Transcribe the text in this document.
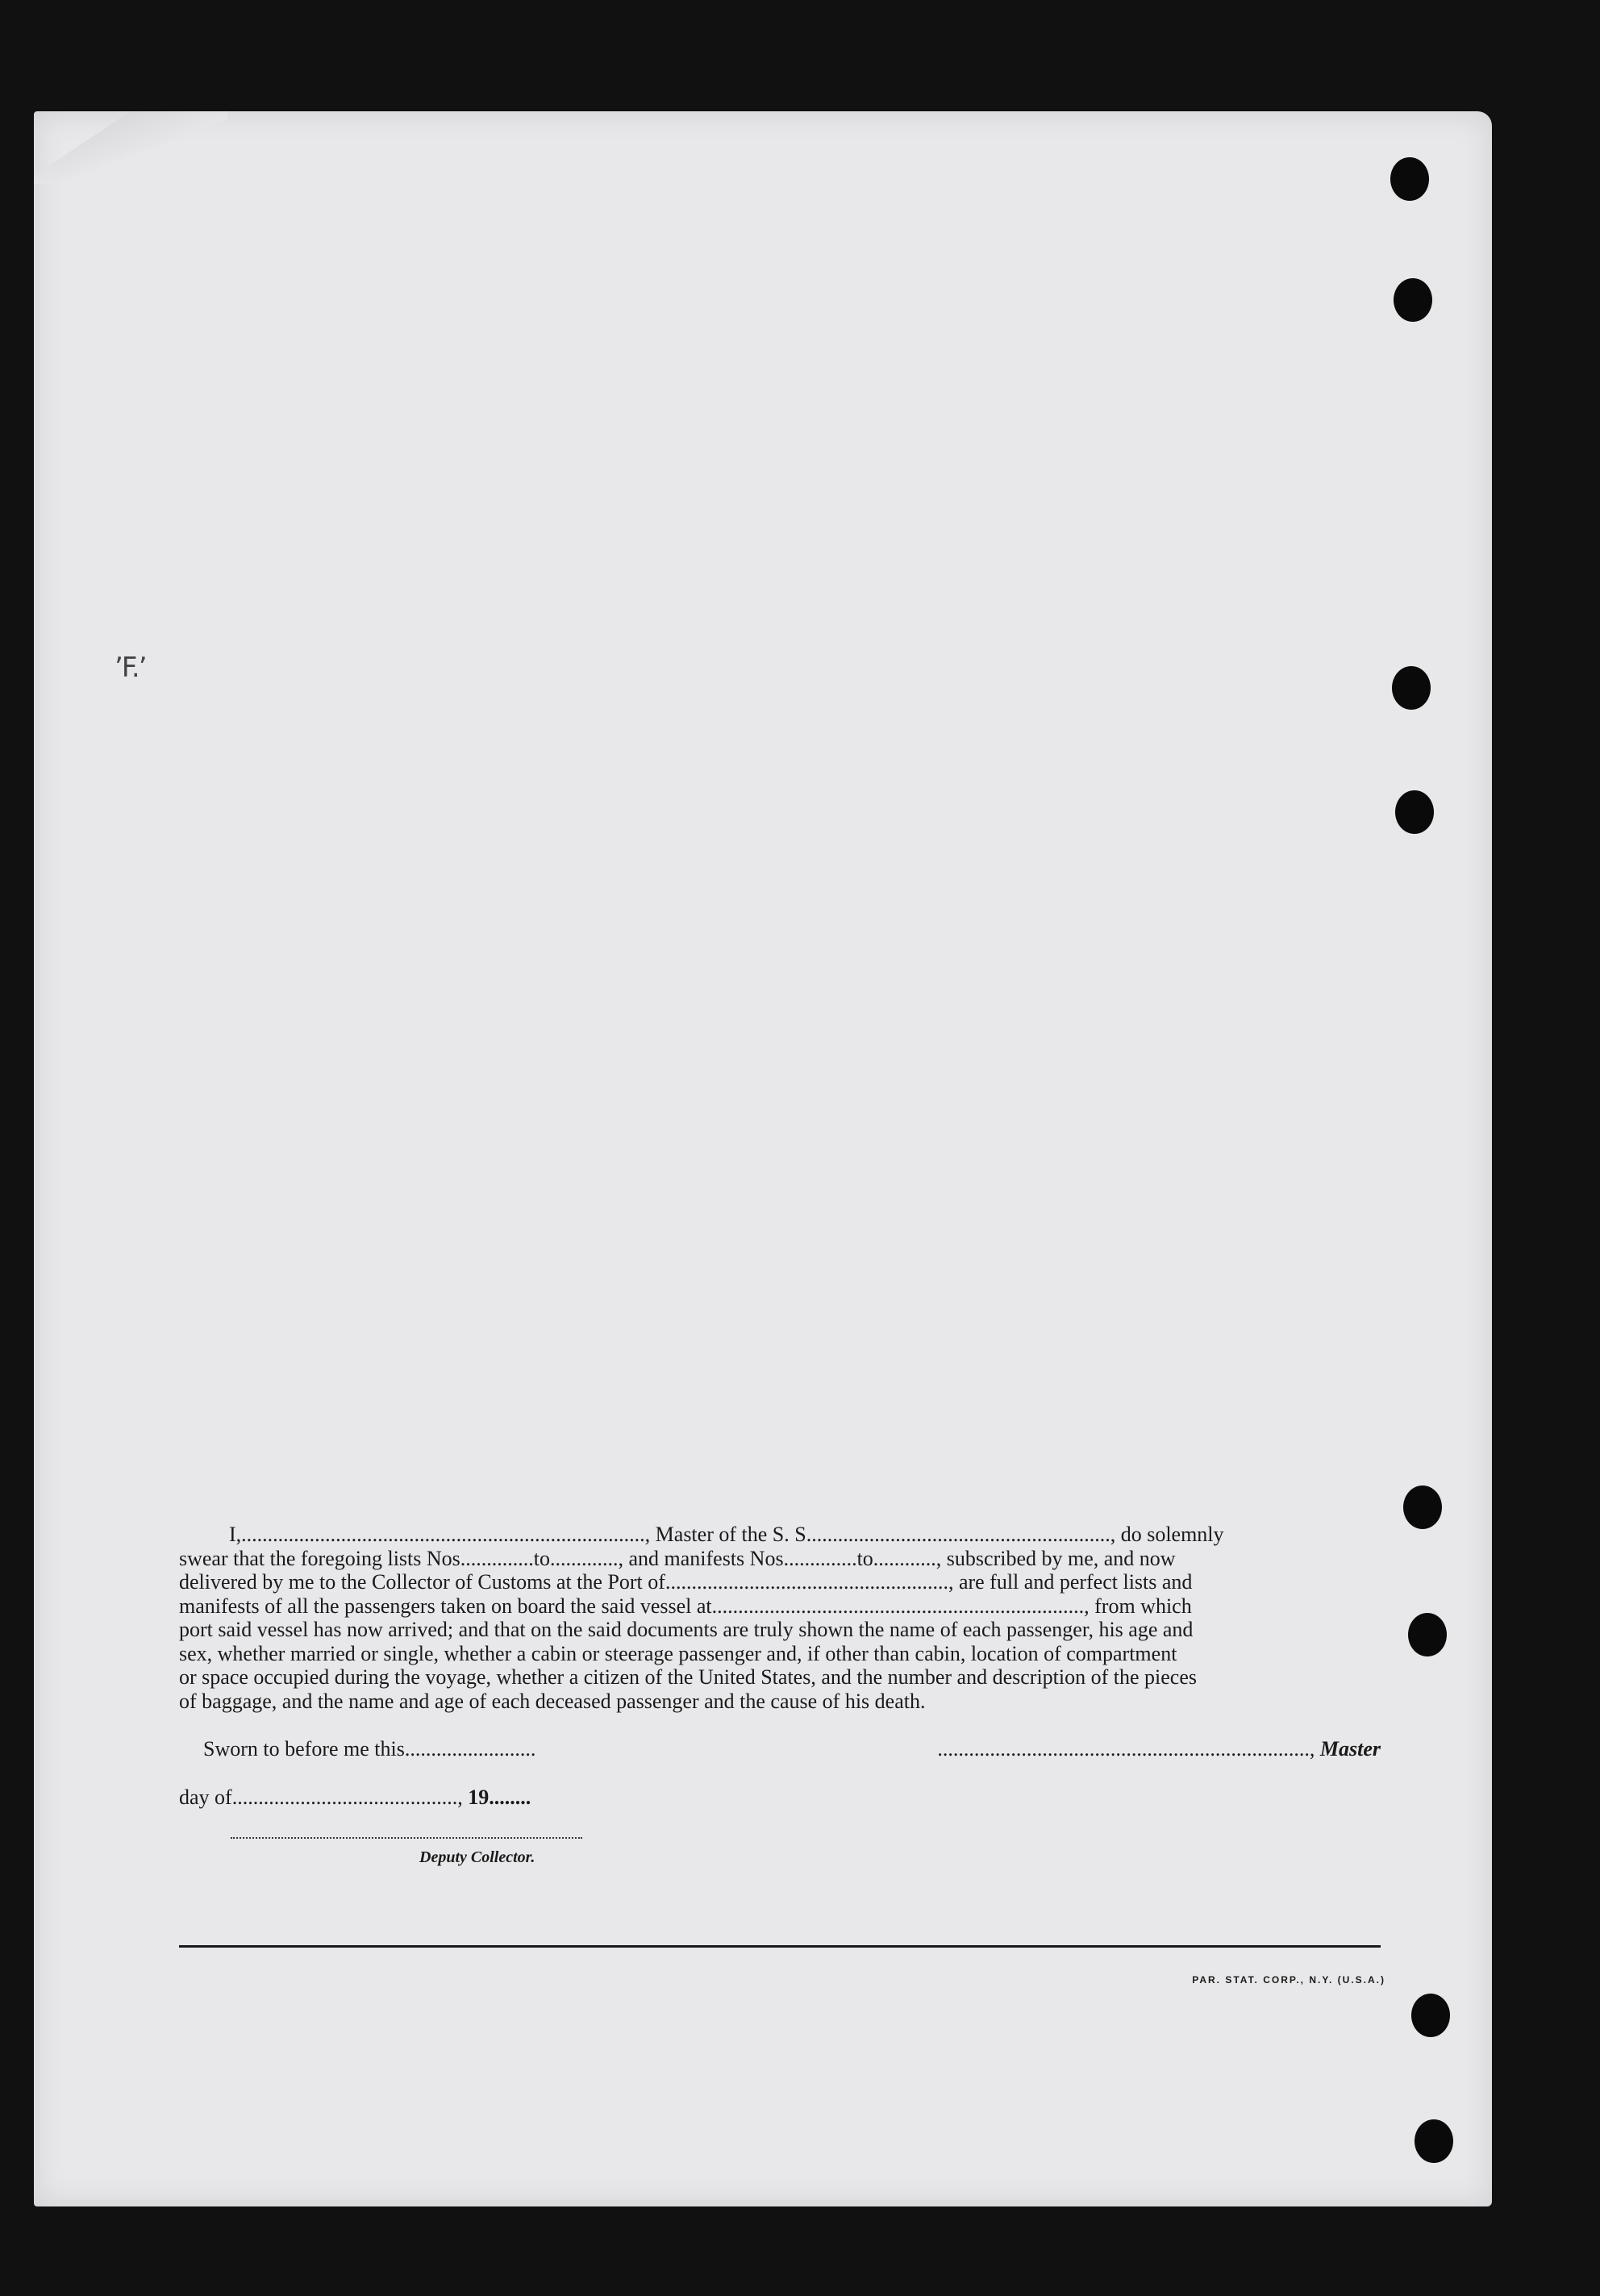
’F.’
I,............................................................................., Master of the S. S.........................................................., do solemnly
swear that the foregoing lists Nos..............to............., and manifests Nos..............to............, subscribed by me, and now
delivered by me to the Collector of Customs at the Port of......................................................, are full and perfect lists and
manifests of all the passengers taken on board the said vessel at......................................................................., from which
port said vessel has now arrived; and that on the said documents are truly shown the name of each passenger, his age and
sex, whether married or single, whether a cabin or steerage passenger and, if other than cabin, location of compartment
or space occupied during the voyage, whether a citizen of the United States, and the number and description of the pieces
of baggage, and the name and age of each deceased passenger and the cause of his death.
Sworn to before me this.........................	......................................................................., Master
day of..........................................., 19........
Deputy Collector.
PAR. STAT. CORP., N.Y. (U.S.A.)
